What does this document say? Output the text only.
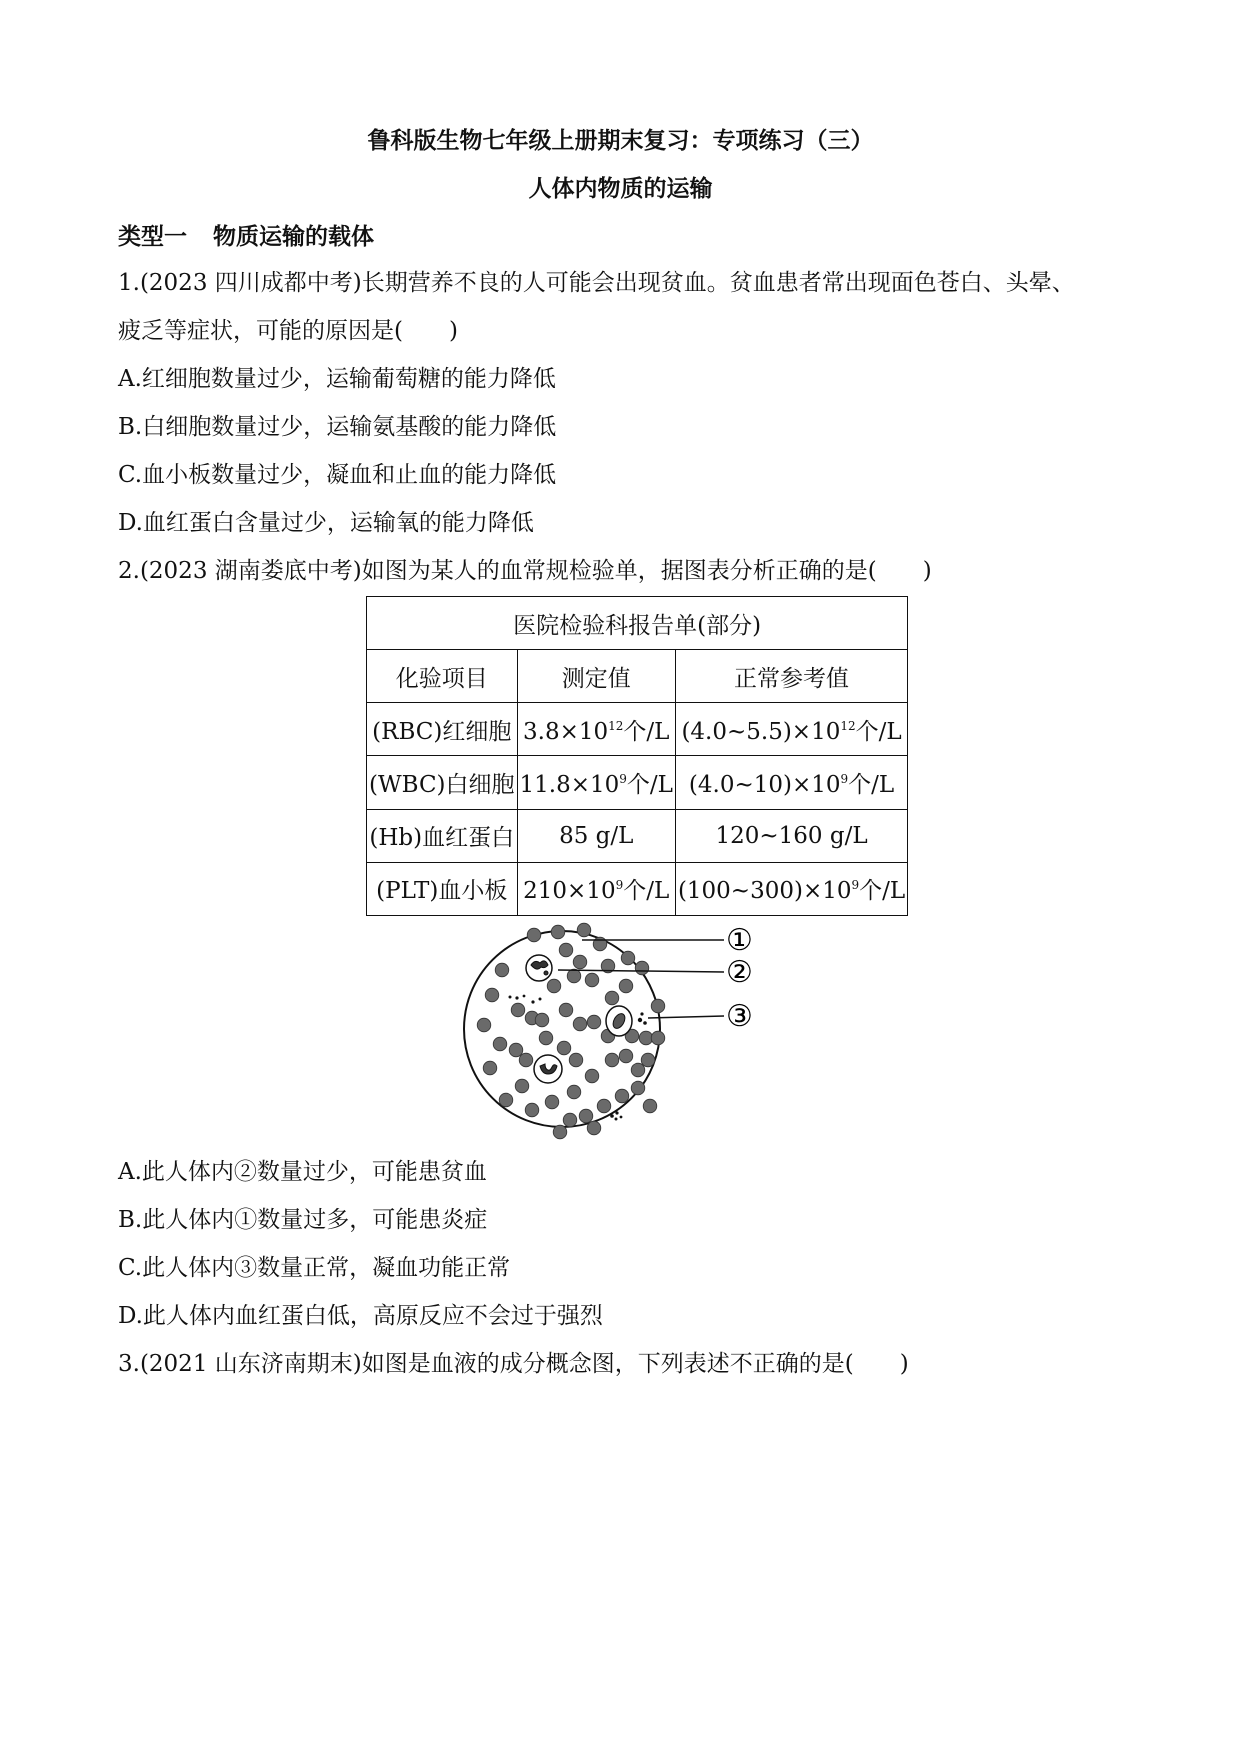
鲁科版生物七年级上册期末复习：专项练习（三）
人体内物质的运输
类型一 物质运输的载体
1.(2023 四川成都中考)长期营养不良的人可能会出现贫血。贫血患者常出现面色苍白、头晕、
疲乏等症状，可能的原因是(　　)
A.红细胞数量过少，运输葡萄糖的能力降低
B.白细胞数量过少，运输氨基酸的能力降低
C.血小板数量过少，凝血和止血的能力降低
D.血红蛋白含量过少，运输氧的能力降低
2.(2023 湖南娄底中考)如图为某人的血常规检验单，据图表分析正确的是(　　)
医院检验科报告单(部分)		
化验项目	测定值	正常参考值
(RBC)红细胞	$3.8\times 10^{12}$个/L	$(4.0\sim 5.5)\times 10^{12}$个/L
(WBC)白细胞	$11.8\times 10^9$个/L	$(4.0\sim 10)\times 10^9$个/L
(Hb)血红蛋白	85 g/L	120~160 g/L
(PLT)血小板	$210\times 10^9$个/L	$(100\sim 300)\times 10^9$个/L
①
②
③
A.此人体内②数量过少，可能患贫血
B.此人体内①数量过多，可能患炎症
C.此人体内③数量正常，凝血功能正常
D.此人体内血红蛋白低，高原反应不会过于强烈
3.(2021 山东济南期末)如图是血液的成分概念图，下列表述不正确的是(　　)
